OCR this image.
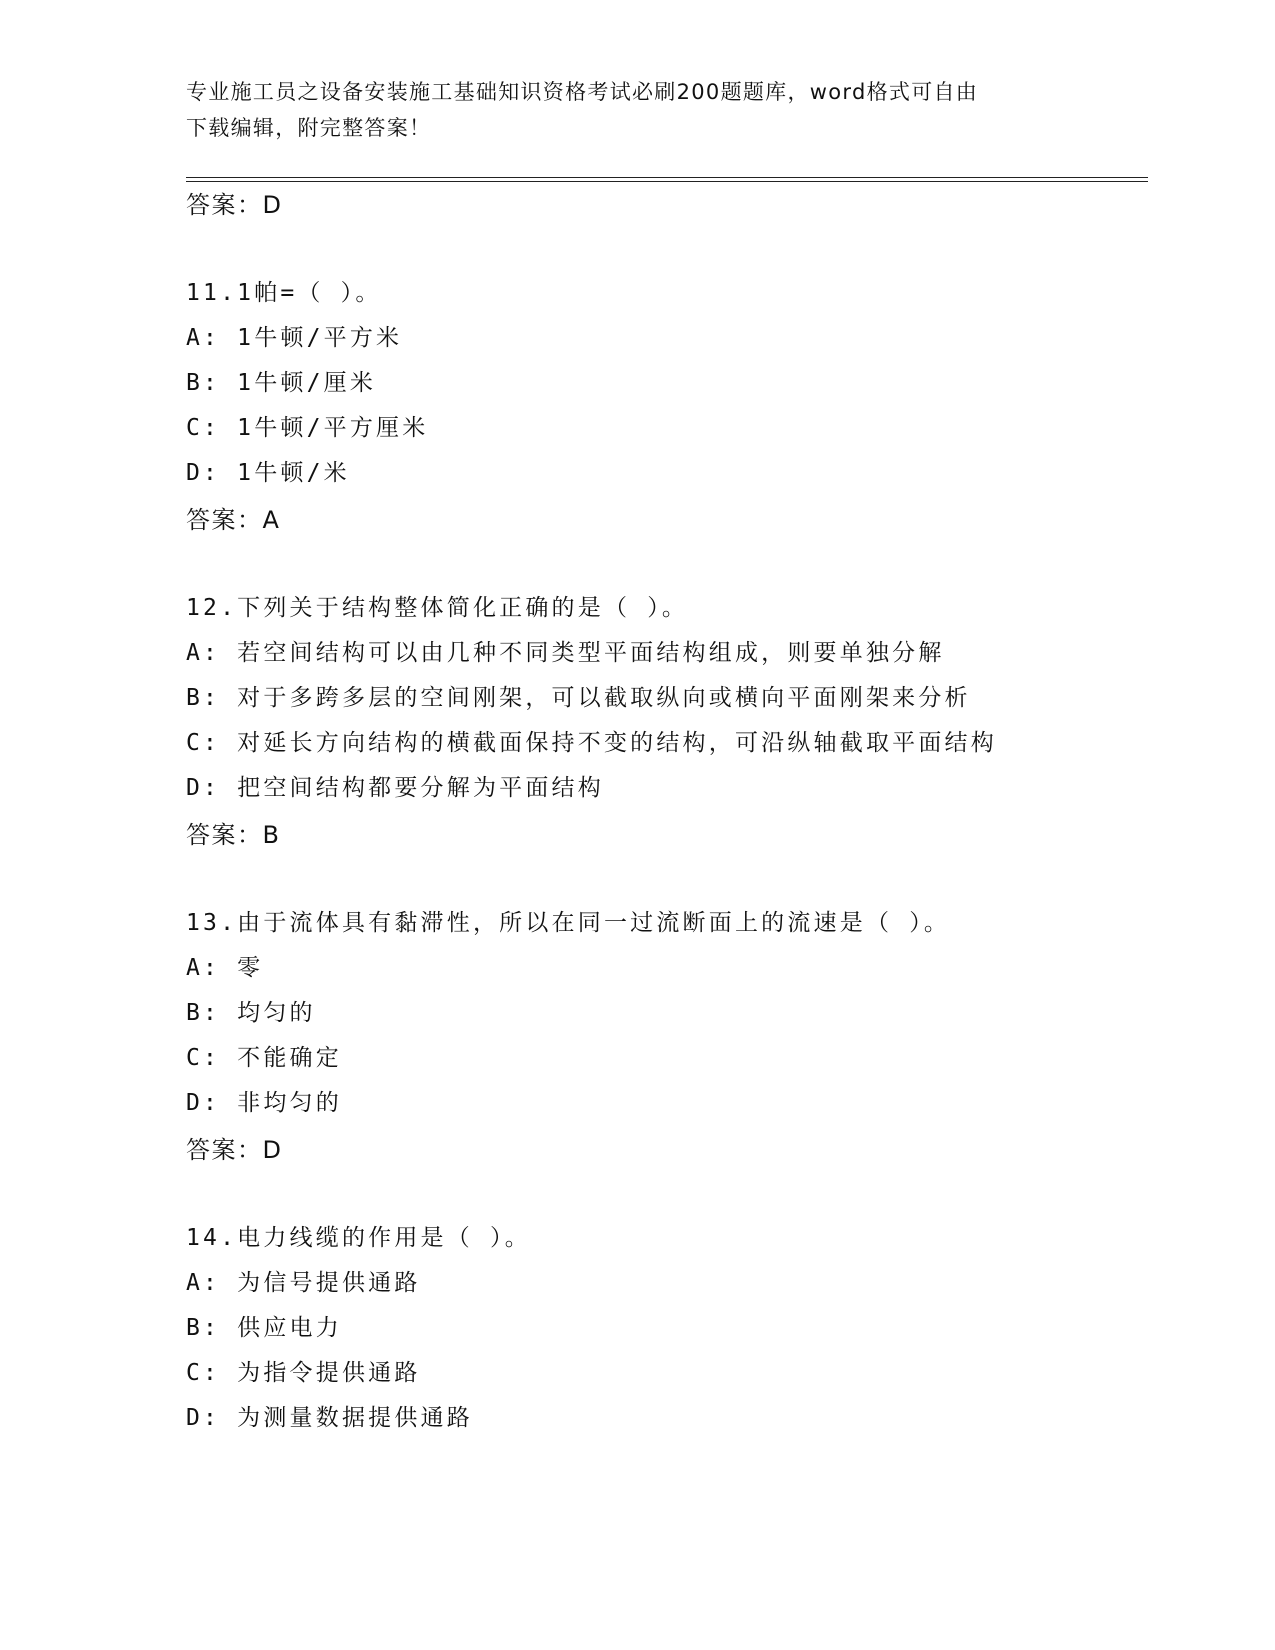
专业施工员之设备安装施工基础知识资格考试必刷200题题库，word格式可自由
下载编辑，附完整答案！
答案：D
11.1帕=（ ）。
A: 1牛顿/平方米
B: 1牛顿/厘米
C: 1牛顿/平方厘米
D: 1牛顿/米
答案：A
12.下列关于结构整体简化正确的是（ ）。
A: 若空间结构可以由几种不同类型平面结构组成，则要单独分解
B: 对于多跨多层的空间刚架，可以截取纵向或横向平面刚架来分析
C: 对延长方向结构的横截面保持不变的结构，可沿纵轴截取平面结构
D: 把空间结构都要分解为平面结构
答案：B
13.由于流体具有黏滞性，所以在同一过流断面上的流速是（ ）。
A: 零
B: 均匀的
C: 不能确定
D: 非均匀的
答案：D
14.电力线缆的作用是（ ）。
A: 为信号提供通路
B: 供应电力
C: 为指令提供通路
D: 为测量数据提供通路
